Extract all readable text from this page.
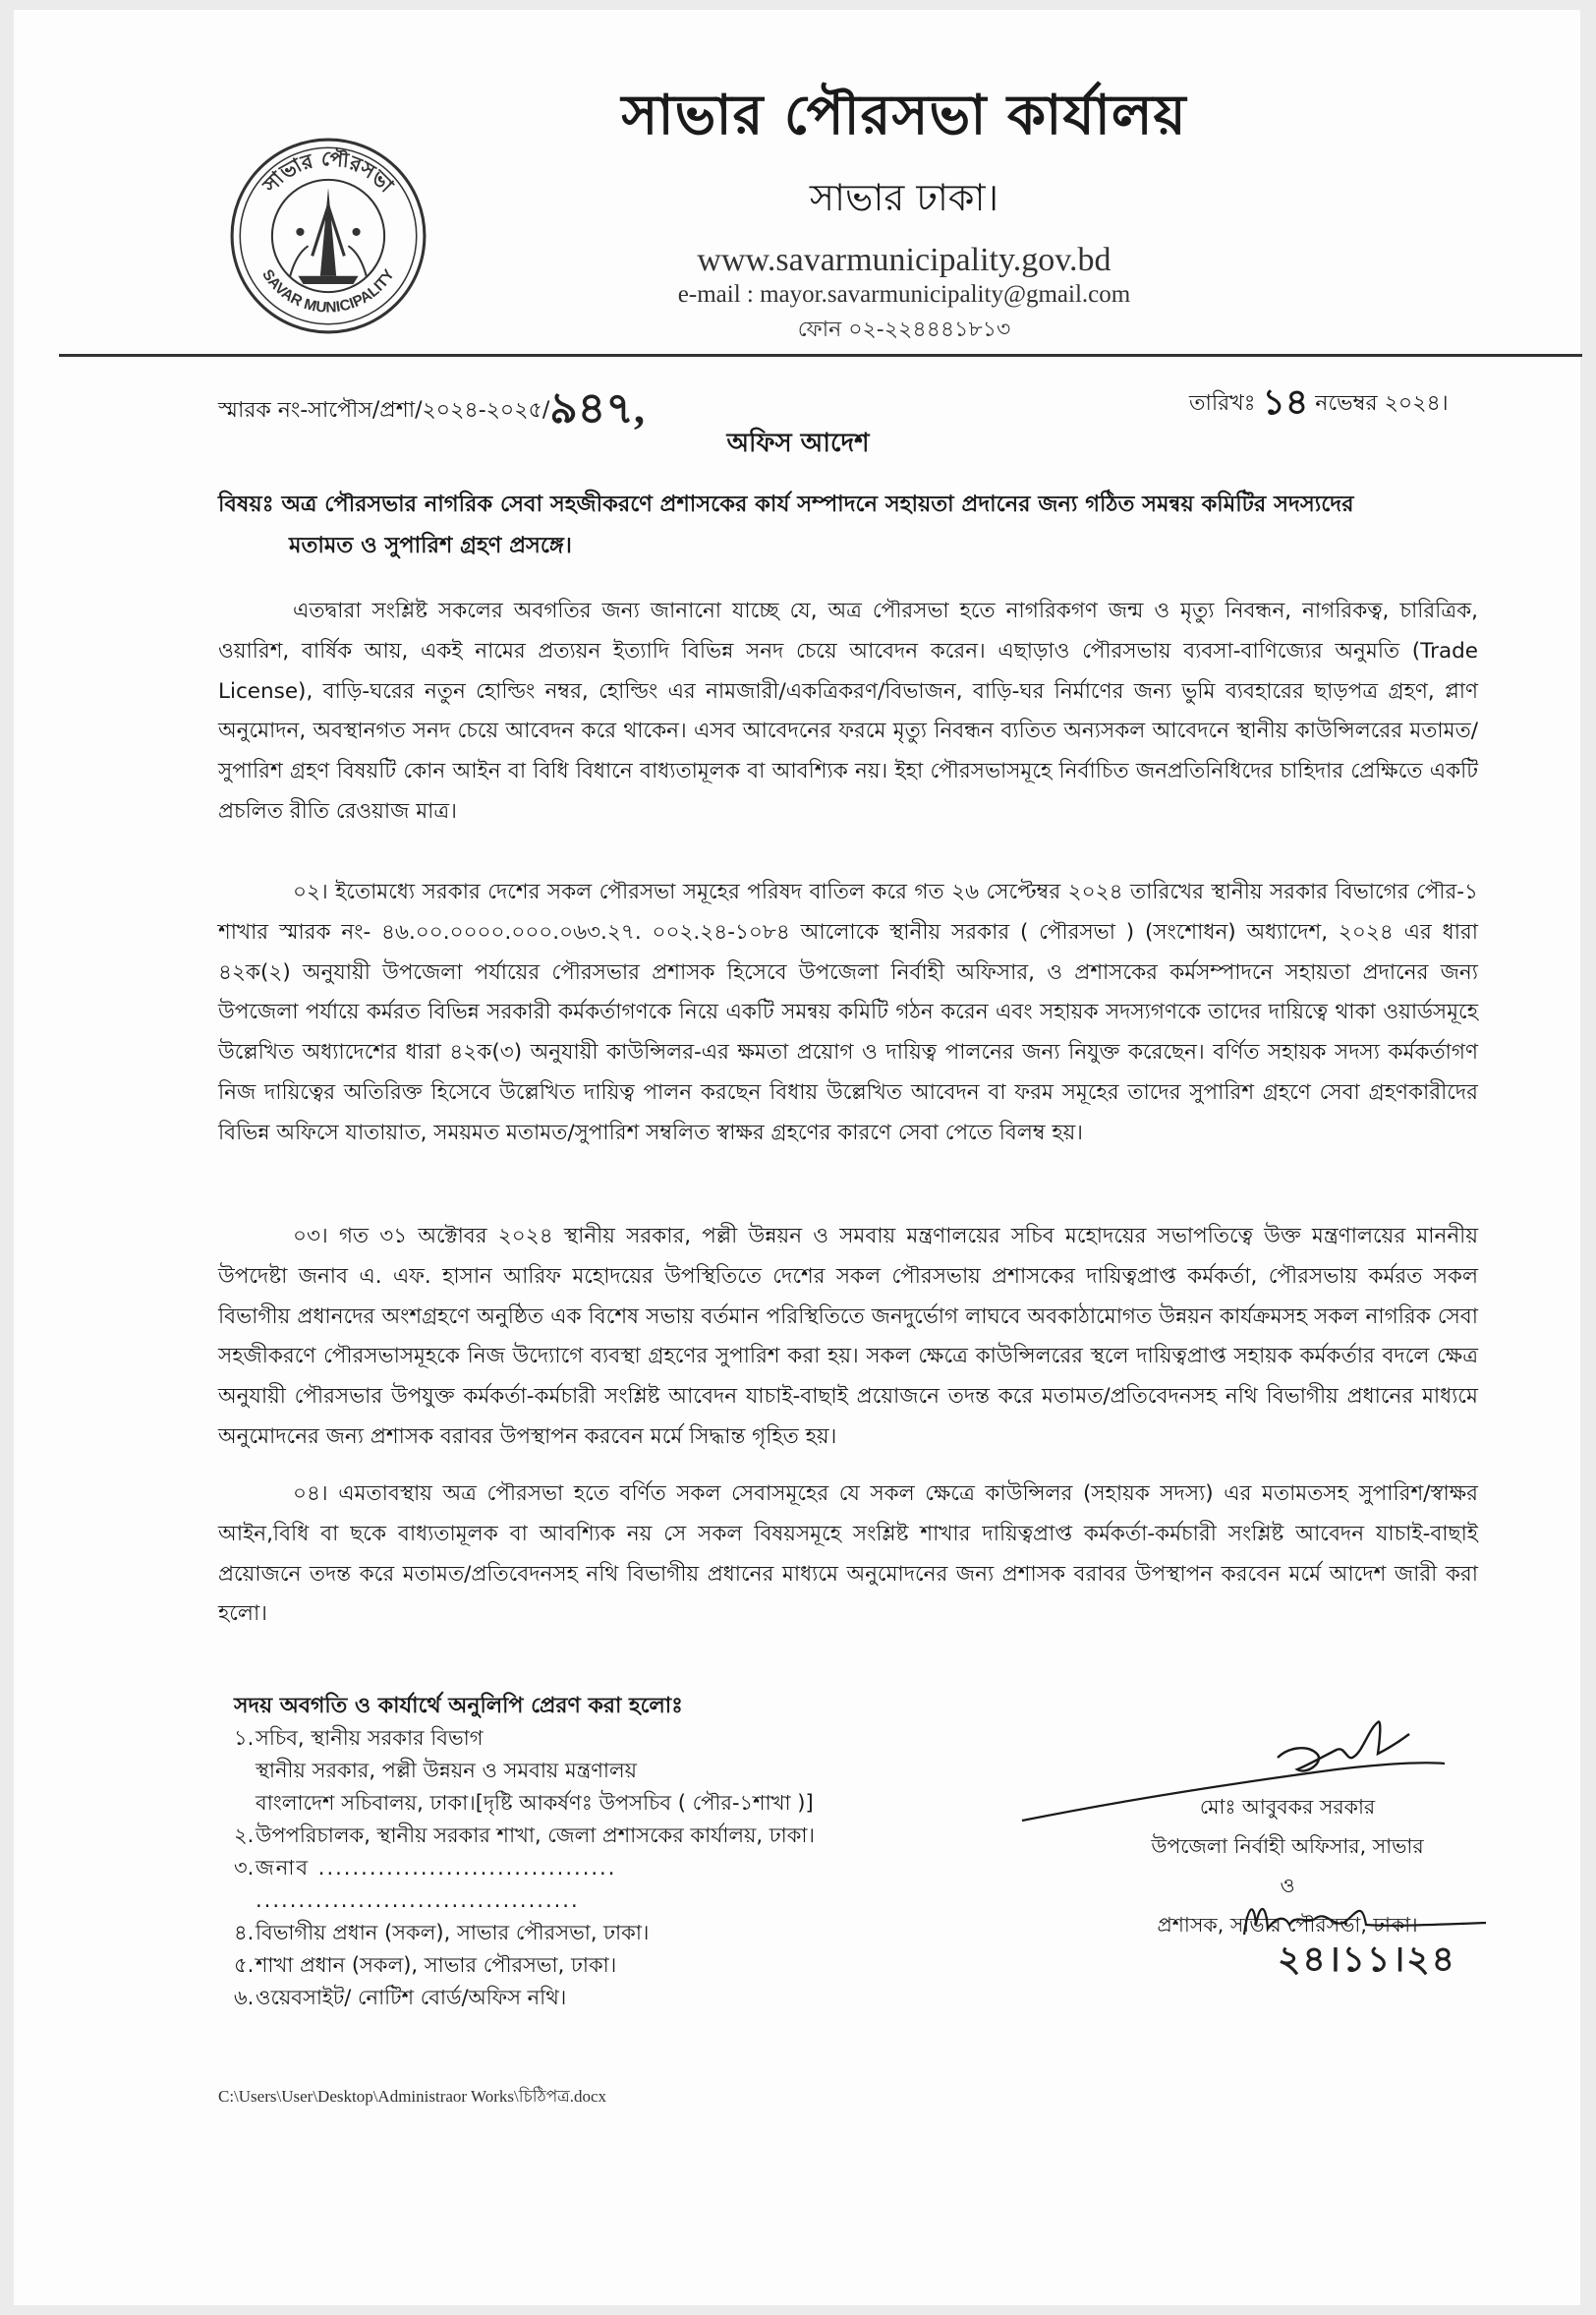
সাভার পৌরসভা
SAVAR MUNICIPALITY
সাভার পৌরসভা কার্যালয়
সাভার ঢাকা।
www.savarmunicipality.gov.bd
e-mail : mayor.savarmunicipality@gmail.com
ফোন ০২-২২৪৪৪১৮১৩
স্মারক নং-সাপৌস/প্রশা/২০২৪-২০২৫/৯৪৭,	তারিখঃ ১৪ নভেম্বর ২০২৪।
অফিস আদেশ
বিষয়ঃ অত্র পৌরসভার নাগরিক সেবা সহজীকরণে প্রশাসকের কার্য সম্পাদনে সহায়তা প্রদানের জন্য গঠিত সমন্বয় কমিটির সদস্যদের
মতামত ও সুপারিশ গ্রহণ প্রসঙ্গে।

এতদ্বারা সংশ্লিষ্ট সকলের অবগতির জন্য জানানো যাচ্ছে যে, অত্র পৌরসভা হতে নাগরিকগণ জন্ম ও মৃত্যু নিবন্ধন, নাগরিকত্ব, চারিত্রিক, ওয়ারিশ, বার্ষিক আয়, একই নামের প্রত্যয়ন ইত্যাদি বিভিন্ন সনদ চেয়ে আবেদন করেন। এছাড়াও পৌরসভায় ব্যবসা-বাণিজ্যের অনুমতি (Trade License), বাড়ি-ঘরের নতুন হোল্ডিং নম্বর, হোল্ডিং এর নামজারী/একত্রিকরণ/বিভাজন, বাড়ি-ঘর নির্মাণের জন্য ভুমি ব্যবহারের ছাড়পত্র গ্রহণ, প্লাণ অনুমোদন, অবস্থানগত সনদ চেয়ে আবেদন করে থাকেন। এসব আবেদনের ফরমে মৃত্যু নিবন্ধন ব্যতিত অন্যসকল আবেদনে স্থানীয় কাউন্সিলরের মতামত/সুপারিশ গ্রহণ বিষয়টি কোন আইন বা বিধি বিধানে বাধ্যতামূলক বা আবশ্যিক নয়। ইহা পৌরসভাসমূহে নির্বাচিত জনপ্রতিনিধিদের চাহিদার প্রেক্ষিতে একটি প্রচলিত রীতি রেওয়াজ মাত্র।

০২। ইতোমধ্যে সরকার দেশের সকল পৌরসভা সমূহের পরিষদ বাতিল করে গত ২৬ সেপ্টেম্বর ২০২৪ তারিখের স্থানীয় সরকার বিভাগের পৌর-১ শাখার স্মারক নং- ৪৬.০০.০০০০.০০০.০৬৩.২৭. ০০২.২৪-১০৮৪ আলোকে স্থানীয় সরকার ( পৌরসভা ) (সংশোধন) অধ্যাদেশ, ২০২৪ এর ধারা ৪২ক(২) অনুযায়ী উপজেলা পর্যায়ের পৌরসভার প্রশাসক হিসেবে উপজেলা নির্বাহী অফিসার, ও প্রশাসকের কর্মসম্পাদনে সহায়তা প্রদানের জন্য উপজেলা পর্যায়ে কর্মরত বিভিন্ন সরকারী কর্মকর্তাগণকে নিয়ে একটি সমন্বয় কমিটি গঠন করেন এবং সহায়ক সদস্যগণকে তাদের দায়িত্বে থাকা ওয়ার্ডসমূহে উল্লেখিত অধ্যাদেশের ধারা ৪২ক(৩) অনুযায়ী কাউন্সিলর-এর ক্ষমতা প্রয়োগ ও দায়িত্ব পালনের জন্য নিযুক্ত করেছেন। বর্ণিত সহায়ক সদস্য কর্মকর্তাগণ নিজ দায়িত্বের অতিরিক্ত হিসেবে উল্লেখিত দায়িত্ব পালন করছেন বিধায় উল্লেখিত আবেদন বা ফরম সমূহের তাদের সুপারিশ গ্রহণে সেবা গ্রহণকারীদের বিভিন্ন অফিসে যাতায়াত, সময়মত মতামত/সুপারিশ সম্বলিত স্বাক্ষর গ্রহণের কারণে সেবা পেতে বিলম্ব হয়।

০৩। গত ৩১ অক্টোবর ২০২৪ স্থানীয় সরকার, পল্লী উন্নয়ন ও সমবায় মন্ত্রণালয়ের সচিব মহোদয়ের সভাপতিত্বে উক্ত মন্ত্রণালয়ের মাননীয় উপদেষ্টা জনাব এ. এফ. হাসান আরিফ মহোদয়ের উপস্থিতিতে দেশের সকল পৌরসভায় প্রশাসকের দায়িত্বপ্রাপ্ত কর্মকর্তা, পৌরসভায় কর্মরত সকল বিভাগীয় প্রধানদের অংশগ্রহণে অনুষ্ঠিত এক বিশেষ সভায় বর্তমান পরিস্থিতিতে জনদুর্ভোগ লাঘবে অবকাঠামোগত উন্নয়ন কার্যক্রমসহ সকল নাগরিক সেবা সহজীকরণে পৌরসভাসমূহকে নিজ উদ্যোগে ব্যবস্থা গ্রহণের সুপারিশ করা হয়। সকল ক্ষেত্রে কাউন্সিলরের স্থলে দায়িত্বপ্রাপ্ত সহায়ক কর্মকর্তার বদলে ক্ষেত্র অনুযায়ী পৌরসভার উপযুক্ত কর্মকর্তা-কর্মচারী সংশ্লিষ্ট আবেদন যাচাই-বাছাই প্রয়োজনে তদন্ত করে মতামত/প্রতিবেদনসহ নথি বিভাগীয় প্রধানের মাধ্যমে অনুমোদনের জন্য প্রশাসক বরাবর উপস্থাপন করবেন মর্মে সিদ্ধান্ত গৃহিত হয়।

০৪। এমতাবস্থায় অত্র পৌরসভা হতে বর্ণিত সকল সেবাসমূহের যে সকল ক্ষেত্রে কাউন্সিলর (সহায়ক সদস্য) এর মতামতসহ সুপারিশ/স্বাক্ষর আইন,বিধি বা ছকে বাধ্যতামূলক বা আবশ্যিক নয় সে সকল বিষয়সমূহে সংশ্লিষ্ট শাখার দায়িত্বপ্রাপ্ত কর্মকর্তা-কর্মচারী সংশ্লিষ্ট আবেদন যাচাই-বাছাই প্রয়োজনে তদন্ত করে মতামত/প্রতিবেদনসহ নথি বিভাগীয় প্রধানের মাধ্যমে অনুমোদনের জন্য প্রশাসক বরাবর উপস্থাপন করবেন মর্মে আদেশ জারী করা হলো।

সদয় অবগতি ও কার্যার্থে অনুলিপি প্রেরণ করা হলোঃ
১. সচিব, স্থানীয় সরকার বিভাগ
স্থানীয় সরকার, পল্লী উন্নয়ন ও সমবায় মন্ত্রণালয়
বাংলাদেশ সচিবালয়, ঢাকা।[দৃষ্টি আকর্ষণঃ উপসচিব ( পৌর-১শাখা )]
২. উপপরিচালক, স্থানীয় সরকার শাখা, জেলা প্রশাসকের কার্যালয়, ঢাকা।
৩. জনাব ...................................
......................................
৪. বিভাগীয় প্রধান (সকল), সাভার পৌরসভা, ঢাকা।
৫. শাখা প্রধান (সকল), সাভার পৌরসভা, ঢাকা।
৬. ওয়েবসাইট/ নোটিশ বোর্ড/অফিস নথি।
মোঃ আবুবকর সরকার
উপজেলা নির্বাহী অফিসার, সাভার
ও
প্রশাসক, সাভার পৌরসভা, ঢাকা।
২৪।১১।২৪
C:\Users\User\Desktop\Administraor Works\চিঠিপত্র.docx
